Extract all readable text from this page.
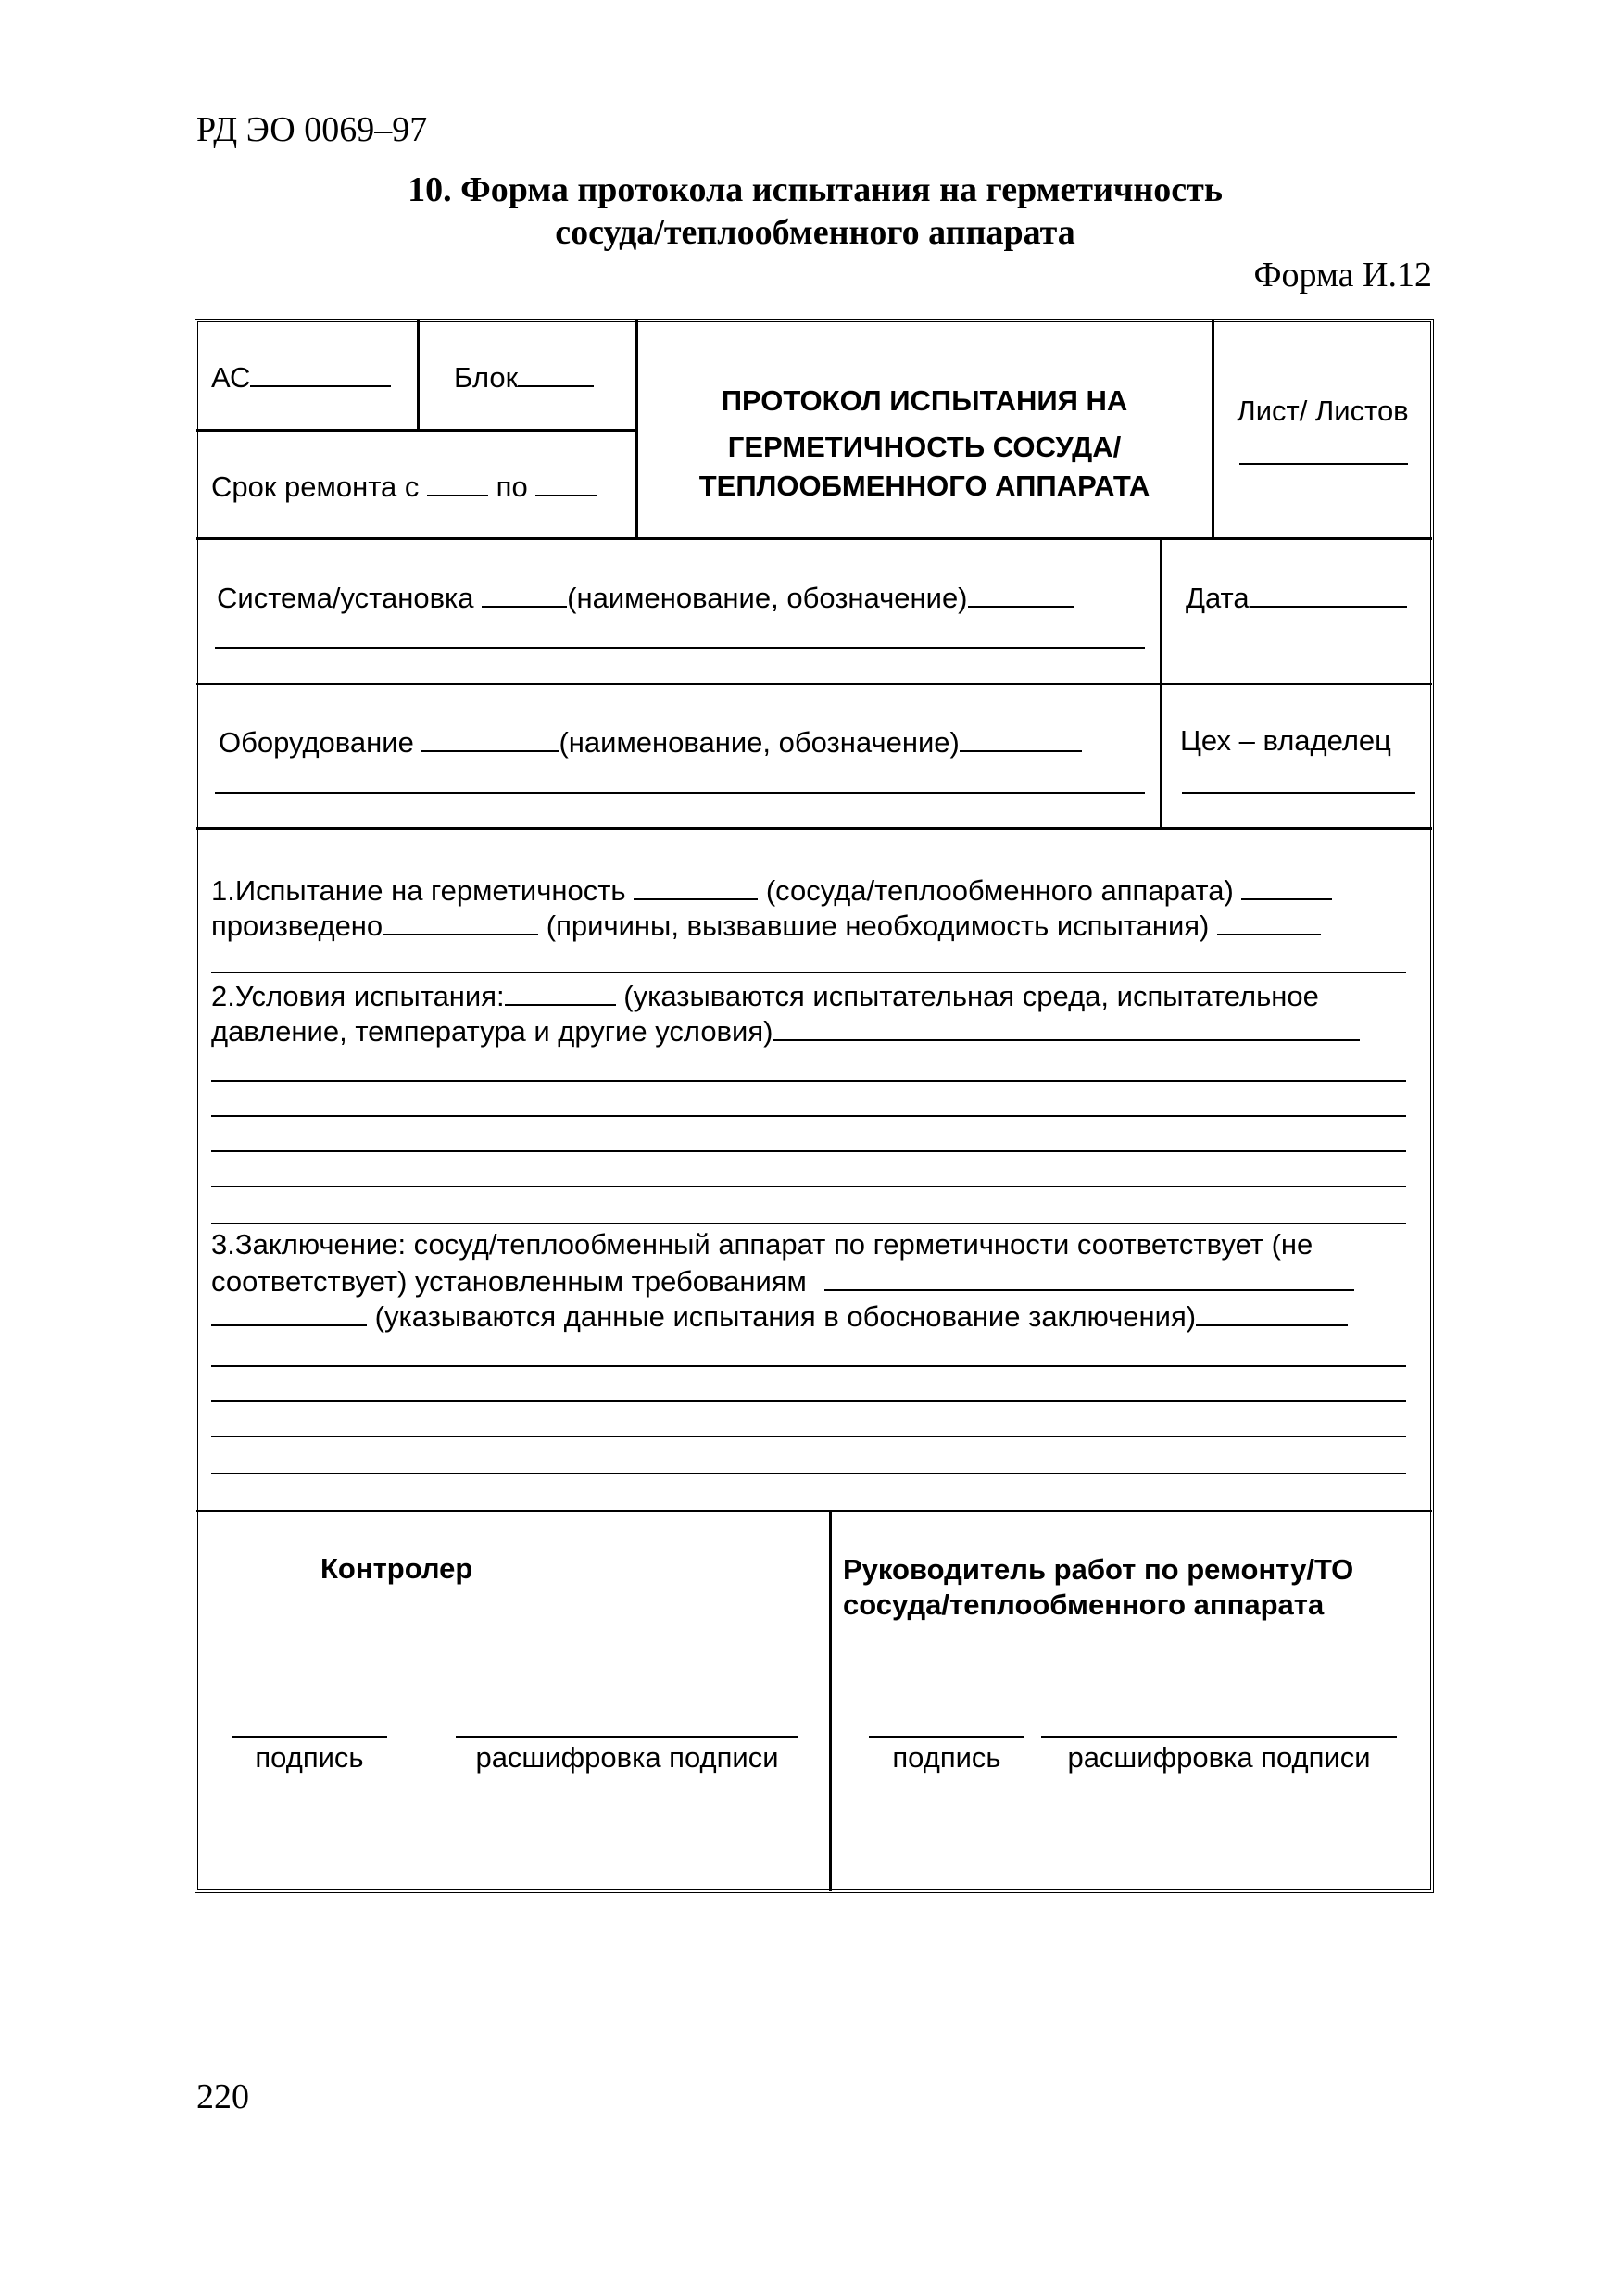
РД ЭО 0069–97
10. Форма протокола испытания на герметичность
сосуда/теплообменного аппарата
Форма И.12
АС	Блок
Срок ремонта с	по
ПРОТОКОЛ ИСПЫТАНИЯ НА
ГЕРМЕТИЧНОСТЬ СОСУДА/
ТЕПЛООБМЕННОГО АППАРАТА
Лист/ Листов
Система/установка	(наименование, обозначение)	Дата
Оборудование	(наименование, обозначение)	Цех – владелец
1.Испытание на герметичность	(сосуда/теплообменного аппарата)
произведено	(причины, вызвавшие необходимость испытания)
2.Условия испытания:	(указываются испытательная среда, испытательное
давление, температура и другие условия)
3.Заключение: сосуд/теплообменный аппарат по герметичности соответствует (не
соответствует) установленным требованиям
(указываются данные испытания в обоснование заключения)
Контролер
подпись	расшифровка подписи
Руководитель работ по ремонту/ТО
сосуда/теплообменного аппарата
подпись	расшифровка подписи
220
